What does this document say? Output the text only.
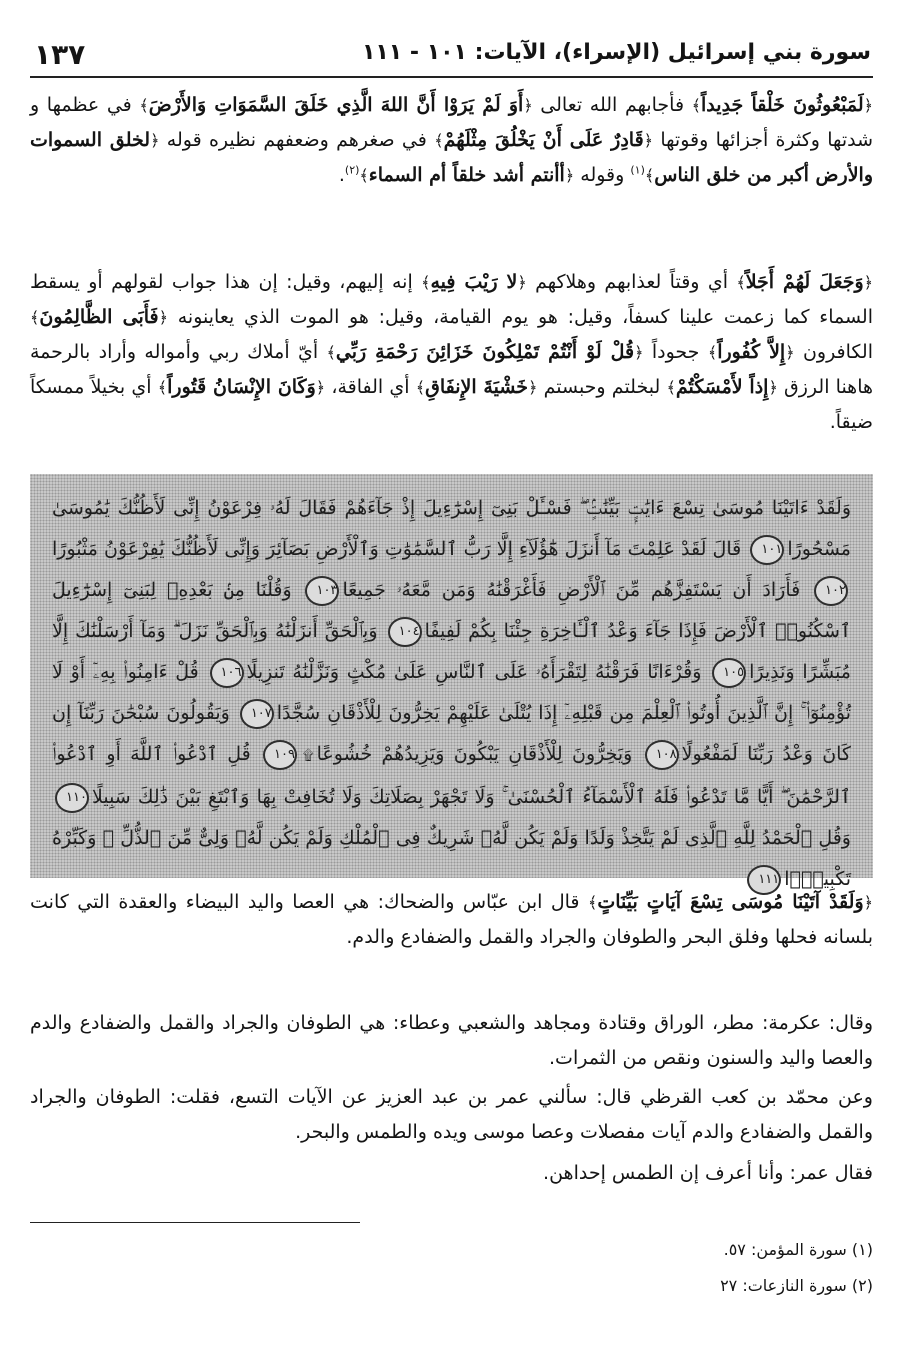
سورة بني إسرائيل (الإسراء)، الآيات: ١٠١ - ١١١
١٣٧

﴿ لَمَبْعُوثُونَ خَلْقاً جَدِيداً ﴾ فأجابهم الله تعالى ﴿ أَوَ لَمْ يَرَوْا أَنَّ اللهَ الَّذِي خَلَقَ السَّمَوَاتِ وَالأَرْضَ ﴾ في عظمها و شدتها وكثرة أجزائها وقوتها ﴿ قَادِرٌ عَلَى أَنْ يَخْلُقَ مِثْلَهُمْ ﴾ في صغرهم وضعفهم نظيره قوله ﴿ لخلق السموات والأرض أكبر من خلق الناس ﴾$^{(١)}$ وقوله ﴿ أأنتم أشد خلقاً أم السماء ﴾$^{(٢)}$.

﴿ وَجَعَلَ لَهُمْ أَجَلاً ﴾ أي وقتاً لعذابهم وهلاكهم ﴿ لا رَيْبَ فِيهِ ﴾ إنه إليهم، وقيل: إن هذا جواب لقولهم أو يسقط السماء كما زعمت علينا كسفاً، وقيل: هو يوم القيامة، وقيل: هو الموت الذي يعاينونه ﴿ فَأَبَى الظَّالِمُونَ ﴾ الكافرون ﴿ إِلاَّ كُفُوراً ﴾ جحوداً ﴿ قُلْ لَوْ أَنْتُمْ تَمْلِكُونَ خَزَائِنَ رَحْمَةِ رَبِّي ﴾ أيّ أملاك ربي وأمواله وأراد بالرحمة هاهنا الرزق ﴿ إِذاً لأَمْسَكْتُمْ ﴾ لبخلتم وحبستم ﴿ خَشْيَةَ الإِنفَاقِ ﴾ أي الفاقة، ﴿ وَكَانَ الإِنْسَانُ قَتُوراً ﴾ أي بخيلاً ممسكاً ضيقاً.

وَلَقَدْ ءَاتَيْنَا مُوسَىٰ تِسْعَ ءَايَٰتٍۭ بَيِّنَٰتٍۢ ۖ فَسْـَٔلْ بَنِىٓ إِسْرَٰٓءِيلَ إِذْ جَآءَهُمْ فَقَالَ لَهُۥ فِرْعَوْنُ إِنِّى لَأَظُنُّكَ يَٰمُوسَىٰ مَسْحُورًا١٠١ قَالَ لَقَدْ عَلِمْتَ مَآ أَنزَلَ هَٰٓؤُلَآءِ إِلَّا رَبُّ ٱلسَّمَٰوَٰتِ وَٱلْأَرْضِ بَصَآئِرَ وَإِنِّى لَأَظُنُّكَ يَٰفِرْعَوْنُ مَثْبُورًا١٠٢ فَأَرَادَ أَن يَسْتَفِزَّهُم مِّنَ ٱلْأَرْضِ فَأَغْرَقْنَٰهُ وَمَن مَّعَهُۥ جَمِيعًا١٠٣ وَقُلْنَا مِنۢ بَعْدِهِۦ لِبَنِىٓ إِسْرَٰٓءِيلَ ٱسْكُنُوا۟ ٱلْأَرْضَ فَإِذَا جَآءَ وَعْدُ ٱلْـَٔاخِرَةِ جِئْنَا بِكُمْ لَفِيفًا١٠٤ وَبِٱلْحَقِّ أَنزَلْنَٰهُ وَبِٱلْحَقِّ نَزَلَ ۗ وَمَآ أَرْسَلْنَٰكَ إِلَّا مُبَشِّرًا وَنَذِيرًا١٠٥ وَقُرْءَانًا فَرَقْنَٰهُ لِتَقْرَأَهُۥ عَلَى ٱلنَّاسِ عَلَىٰ مُكْثٍ وَنَزَّلْنَٰهُ تَنزِيلًا١٠٦ قُلْ ءَامِنُوا۟ بِهِۦٓ أَوْ لَا تُؤْمِنُوٓا۟ ۚ إِنَّ ٱلَّذِينَ أُوتُوا۟ ٱلْعِلْمَ مِن قَبْلِهِۦٓ إِذَا يُتْلَىٰ عَلَيْهِمْ يَخِرُّونَ لِلْأَذْقَانِ سُجَّدًا١٠٧ وَيَقُولُونَ سُبْحَٰنَ رَبِّنَآ إِن كَانَ وَعْدُ رَبِّنَا لَمَفْعُولًا١٠٨ وَيَخِرُّونَ لِلْأَذْقَانِ يَبْكُونَ وَيَزِيدُهُمْ خُشُوعًا۩١٠٩ قُلِ ٱدْعُوا۟ ٱللَّهَ أَوِ ٱدْعُوا۟ ٱلرَّحْمَٰنَ ۖ أَيًّا مَّا تَدْعُوا۟ فَلَهُ ٱلْأَسْمَآءُ ٱلْحُسْنَىٰ ۚ وَلَا تَجْهَرْ بِصَلَاتِكَ وَلَا تُخَافِتْ بِهَا وَٱبْتَغِ بَيْنَ ذَٰلِكَ سَبِيلًا١١٠ وَقُلِ ٱلْحَمْدُ لِلَّهِ ٱلَّذِى لَمْ يَتَّخِذْ وَلَدًا وَلَمْ يَكُن لَّهُۥ شَرِيكٌ فِى ٱلْمُلْكِ وَلَمْ يَكُن لَّهُۥ وَلِىٌّ مِّنَ ٱلذُّلِّ ۖ وَكَبِّرْهُ تَكْبِيرًۢا١١١

﴿ وَلَقَدْ آتَيْنَا مُوسَى تِسْعَ آيَاتٍ بَيِّنَاتٍ ﴾ قال ابن عبّاس والضحاك: هي العصا واليد البيضاء والعقدة التي كانت بلسانه فحلها وفلق البحر والطوفان والجراد والقمل والضفادع والدم.

وقال: عكرمة: مطر، الوراق وقتادة ومجاهد والشعبي وعطاء: هي الطوفان والجراد والقمل والضفادع والدم والعصا واليد والسنون ونقص من الثمرات.

وعن محمّد بن كعب القرظي قال: سألني عمر بن عبد العزيز عن الآيات التسع، فقلت: الطوفان والجراد والقمل والضفادع والدم آيات مفصلات وعصا موسى ويده والطمس والبحر.

فقال عمر: وأنا أعرف إن الطمس إحداهن.

(١) سورة المؤمن: ٥٧.

(٢) سورة النازعات: ٢٧
